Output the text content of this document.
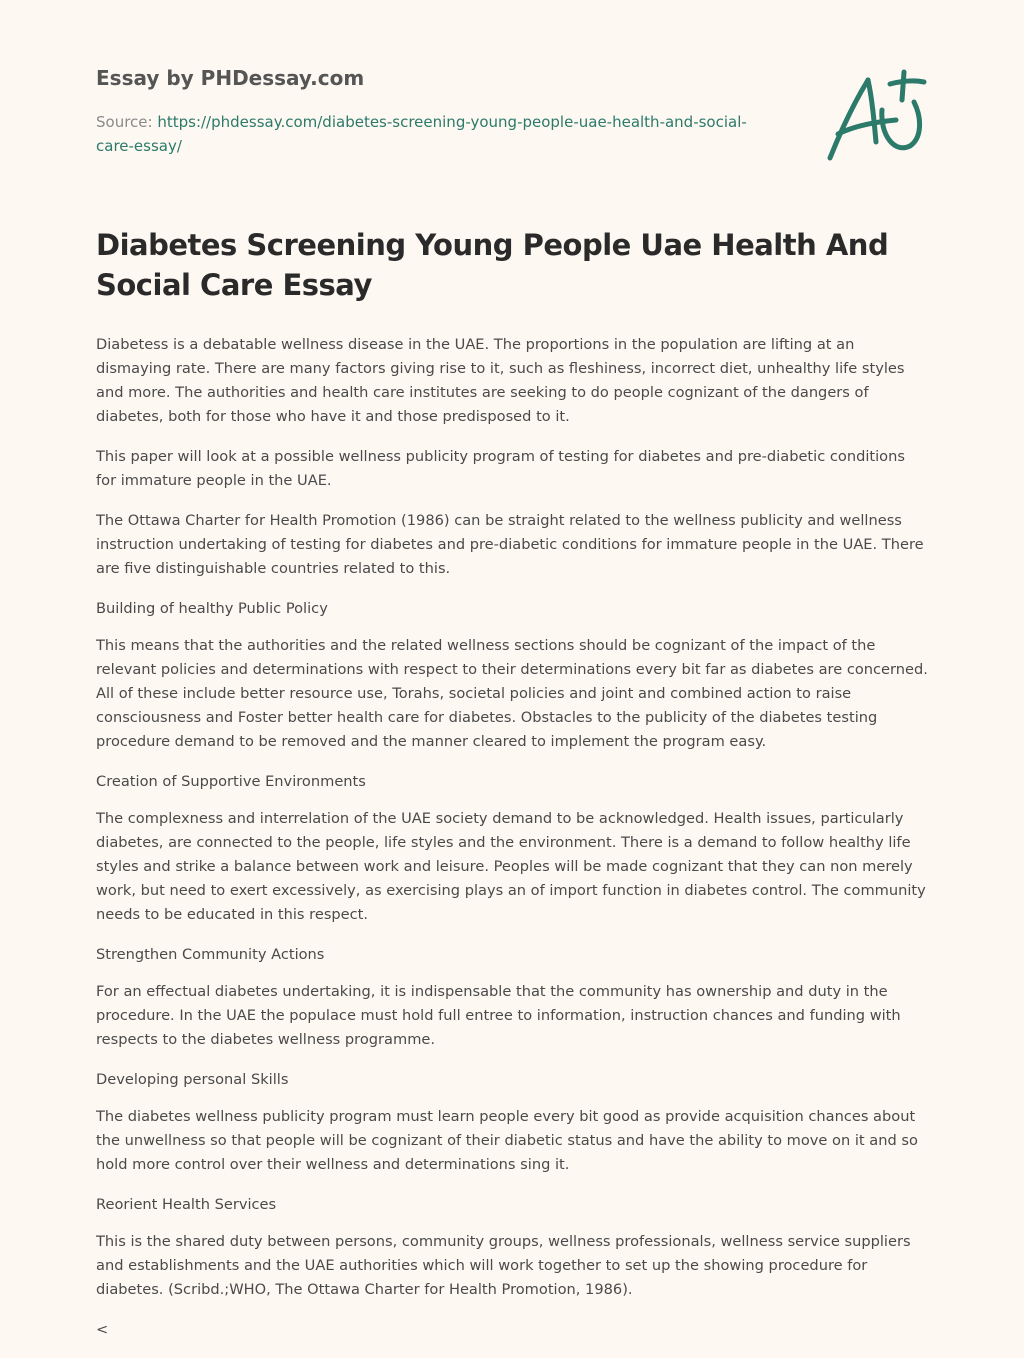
Essay by PHDessay.com
Source: https://phdessay.com/diabetes-screening-young-people-uae-health-and-social-care-essay/
Diabetes Screening Young People Uae Health And Social Care Essay

Diabetess is a debatable wellness disease in the UAE. The proportions in the population are lifting at an dismaying rate. There are many factors giving rise to it, such as fleshiness, incorrect diet, unhealthy life styles and more. The authorities and health care institutes are seeking to do people cognizant of the dangers of diabetes, both for those who have it and those predisposed to it.

This paper will look at a possible wellness publicity program of testing for diabetes and pre-diabetic conditions for immature people in the UAE.

The Ottawa Charter for Health Promotion (1986) can be straight related to the wellness publicity and wellness instruction undertaking of testing for diabetes and pre-diabetic conditions for immature people in the UAE. There are five distinguishable countries related to this.

Building of healthy Public Policy

This means that the authorities and the related wellness sections should be cognizant of the impact of the relevant policies and determinations with respect to their determinations every bit far as diabetes are concerned. All of these include better resource use, Torahs, societal policies and joint and combined action to raise consciousness and Foster better health care for diabetes. Obstacles to the publicity of the diabetes testing procedure demand to be removed and the manner cleared to implement the program easy.

Creation of Supportive Environments

The complexness and interrelation of the UAE society demand to be acknowledged. Health issues, particularly diabetes, are connected to the people, life styles and the environment. There is a demand to follow healthy life styles and strike a balance between work and leisure. Peoples will be made cognizant that they can non merely work, but need to exert excessively, as exercising plays an of import function in diabetes control. The community needs to be educated in this respect.

Strengthen Community Actions

For an effectual diabetes undertaking, it is indispensable that the community has ownership and duty in the procedure. In the UAE the populace must hold full entree to information, instruction chances and funding with respects to the diabetes wellness programme.

Developing personal Skills

The diabetes wellness publicity program must learn people every bit good as provide acquisition chances about the unwellness so that people will be cognizant of their diabetic status and have the ability to move on it and so hold more control over their wellness and determinations sing it.

Reorient Health Services

This is the shared duty between persons, community groups, wellness professionals, wellness service suppliers and establishments and the UAE authorities which will work together to set up the showing procedure for diabetes. (Scribd.;WHO, The Ottawa Charter for Health Promotion, 1986).

<
